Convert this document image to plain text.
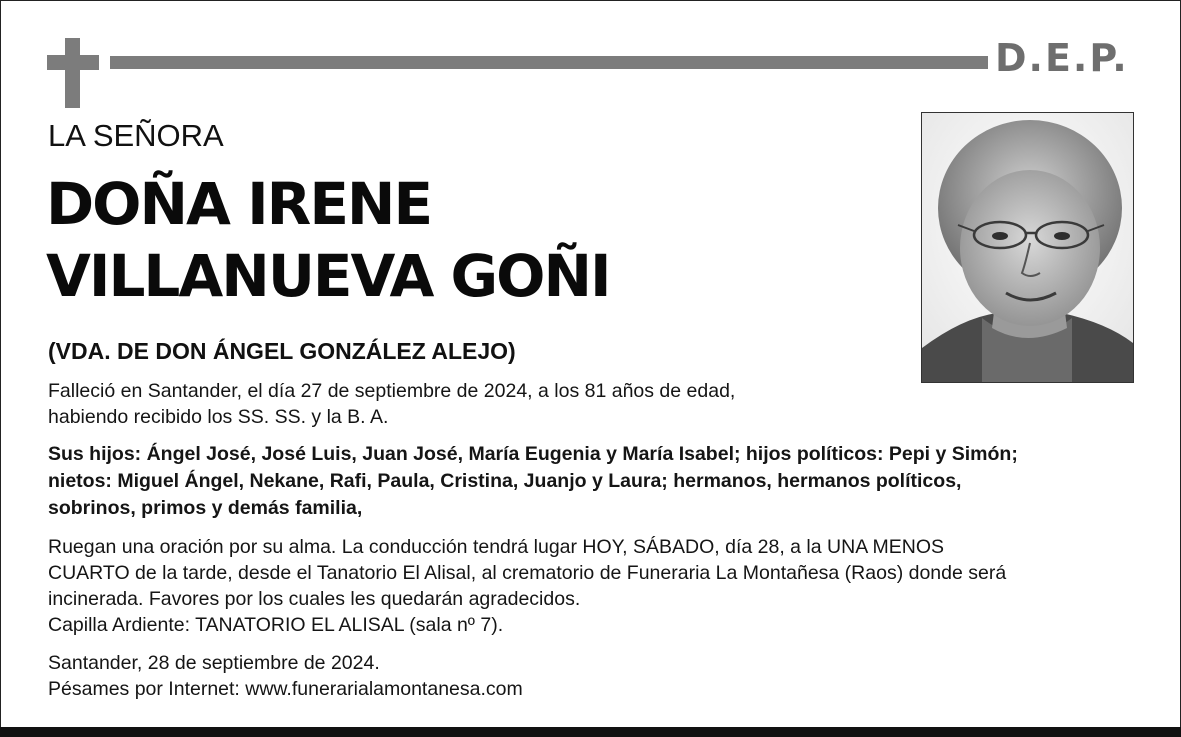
D.E.P.
LA SEÑORA
DOÑA IRENE
VILLANUEVA GOÑI
(VDA. DE DON ÁNGEL GONZÁLEZ ALEJO)
Falleció en Santander, el día 27 de septiembre de 2024, a los 81 años de edad,
habiendo recibido los SS. SS. y la B. A.
Sus hijos: Ángel José, José Luis, Juan José, María Eugenia y María Isabel; hijos políticos: Pepi y Simón;
nietos: Miguel Ángel, Nekane, Rafi, Paula, Cristina, Juanjo y Laura; hermanos, hermanos políticos,
sobrinos, primos y demás familia,
Ruegan una oración por su alma. La conducción tendrá lugar HOY, SÁBADO, día 28, a la UNA MENOS
CUARTO de la tarde, desde el Tanatorio El Alisal, al crematorio de Funeraria La Montañesa (Raos) donde será
incinerada. Favores por los cuales les quedarán agradecidos.
Capilla Ardiente: TANATORIO EL ALISAL (sala nº 7).
Santander, 28 de septiembre de 2024.
Pésames por Internet: www.funerarialamontanesa.com
